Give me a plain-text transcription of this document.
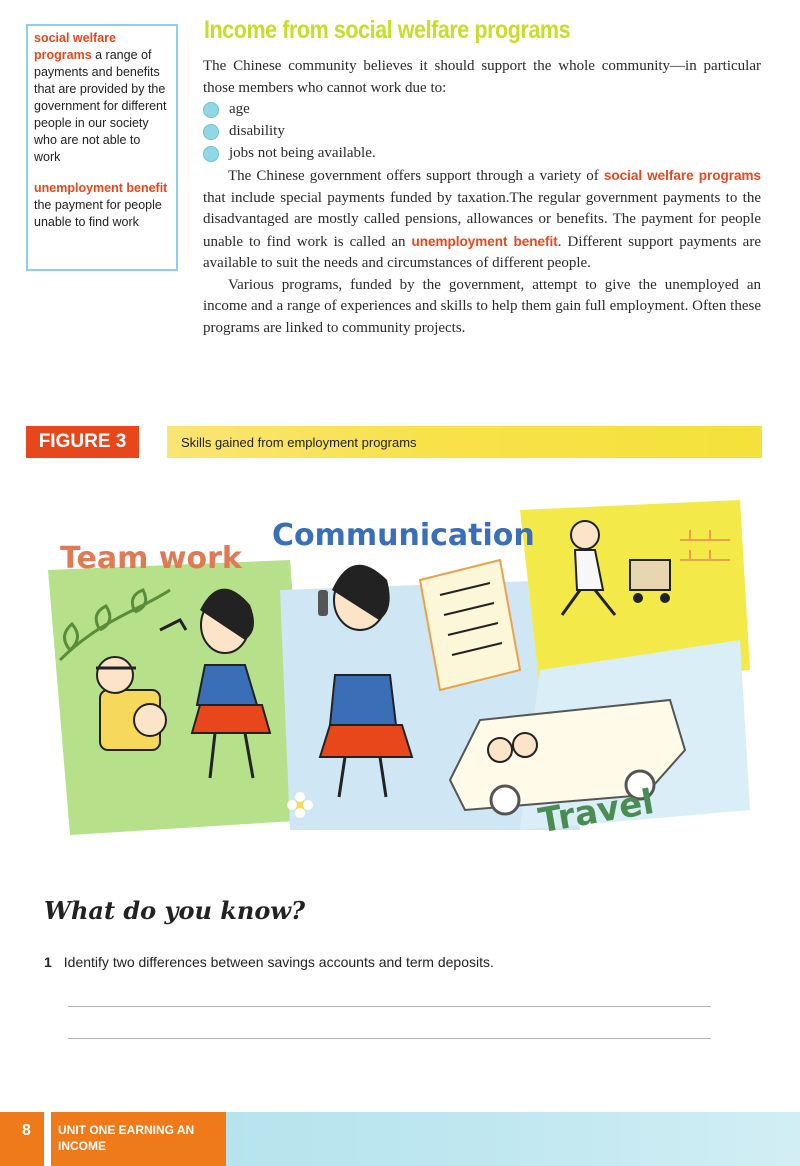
social welfare programs a range of payments and benefits that are provided by the government for different people in our society who are not able to work
unemployment benefit the payment for people unable to find work
Income from social welfare programs

The Chinese community believes it should support the whole community—in particular those members who cannot work due to:

age
disability
jobs not being available.

The Chinese government offers support through a variety of social welfare programs that include special payments funded by taxation.The regular government payments to the disadvantaged are mostly called pensions, allowances or benefits. The payment for people unable to find work is called an unemployment benefit. Different support payments are available to suit the needs and circumstances of different people.

Various programs, funded by the government, attempt to give the unemployed an income and a range of experiences and skills to help them gain full employment. Often these programs are linked to community projects.

FIGURE 3	Skills gained from employment programs
Team work
Communication
Travel
What do you know?
1 Identify two differences between savings accounts and term deposits.
8 UNIT ONE EARNING AN INCOME
